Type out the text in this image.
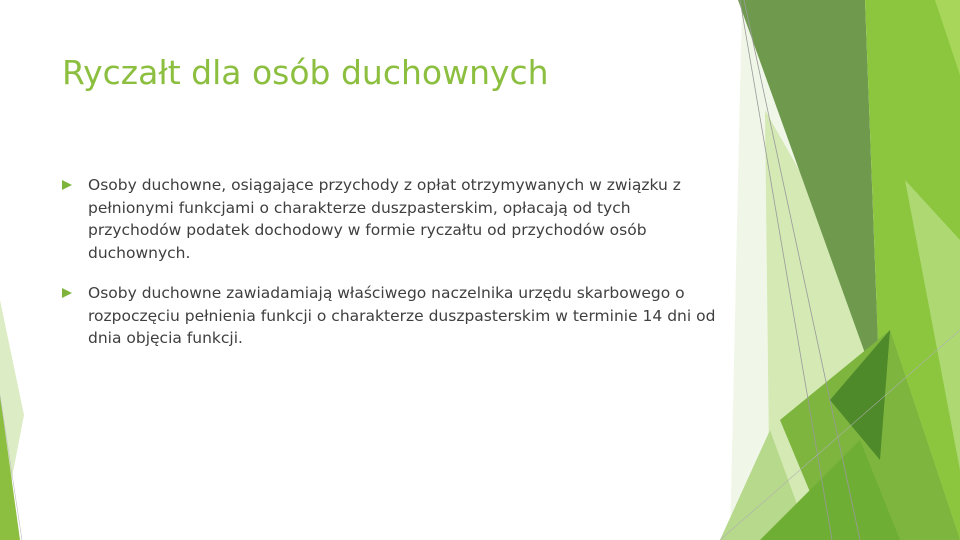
Ryczałt dla osób duchownych
Osoby duchowne, osiągające przychody z opłat otrzymywanych w związku z pełnionymi funkcjami o charakterze duszpasterskim, opłacają od tych przychodów podatek dochodowy w formie ryczałtu od przychodów osób duchownych.
Osoby duchowne zawiadamiają właściwego naczelnika urzędu skarbowego o rozpoczęciu pełnienia funkcji o charakterze duszpasterskim w terminie 14 dni od dnia objęcia funkcji.
